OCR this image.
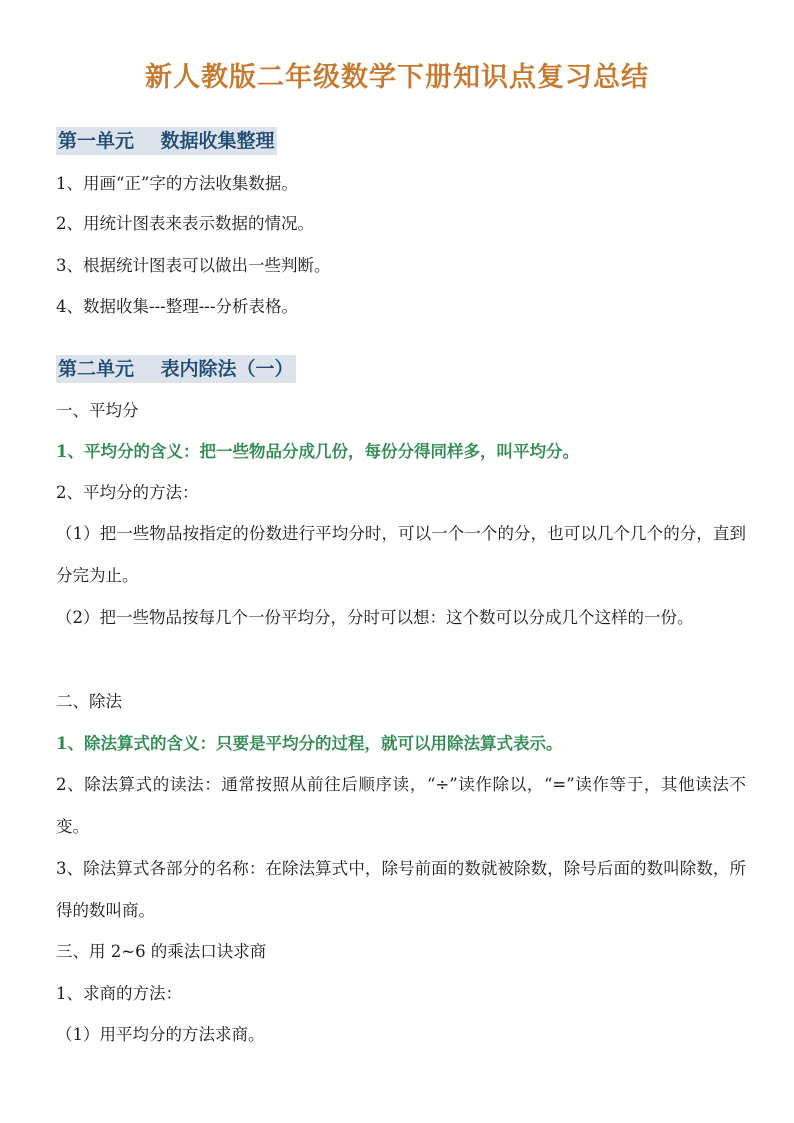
新人教版二年级数学下册知识点复习总结
第一单元    数据收集整理
1、用画“正”字的方法收集数据。
2、用统计图表来表示数据的情况。
3、根据统计图表可以做出一些判断。
4、数据收集---整理---分析表格。
第二单元    表内除法（一）
一、平均分
1、平均分的含义：把一些物品分成几份，每份分得同样多，叫平均分。
2、平均分的方法：
（1）把一些物品按指定的份数进行平均分时，可以一个一个的分，也可以几个几个的分，直到分完为止。
（2）把一些物品按每几个一份平均分，分时可以想：这个数可以分成几个这样的一份。
二、除法
1、除法算式的含义：只要是平均分的过程，就可以用除法算式表示。
2、除法算式的读法：通常按照从前往后顺序读，“÷”读作除以，“=”读作等于，其他读法不变。
3、除法算式各部分的名称：在除法算式中，除号前面的数就被除数，除号后面的数叫除数，所得的数叫商。
三、用 2~6 的乘法口诀求商
1、求商的方法：
（1）用平均分的方法求商。
